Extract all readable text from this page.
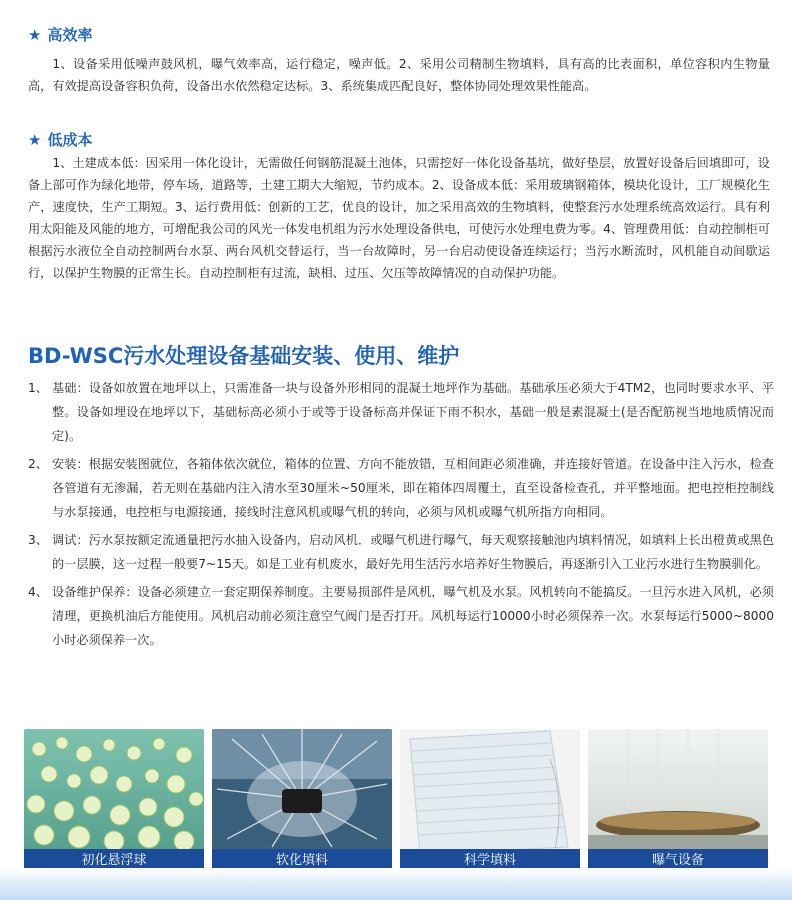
★ 高效率
1、设备采用低噪声鼓风机，曝气效率高，运行稳定，噪声低。2、采用公司精制生物填料，具有高的比表面积，单位容积内生物量高，有效提高设备容积负荷，设备出水依然稳定达标。3、系统集成匹配良好，整体协同处理效果性能高。
★ 低成本
1、土建成本低：因采用一体化设计，无需做任何钢筋混凝土池体，只需挖好一体化设备基坑，做好垫层，放置好设备后回填即可，设备上部可作为绿化地带，停车场，道路等，土建工期大大缩短，节约成本。2、设备成本低：采用玻璃钢箱体，模块化设计，工厂规模化生产，速度快，生产工期短。3、运行费用低：创新的工艺，优良的设计，加之采用高效的生物填料，使整套污水处理系统高效运行。具有利用太阳能及风能的地方，可增配我公司的风光一体发电机组为污水处理设备供电，可使污水处理电费为零。4、管理费用低：自动控制柜可根据污水液位全自动控制两台水泵、两台风机交替运行，当一台故障时，另一台启动使设备连续运行；当污水断流时，风机能自动间歇运行，以保护生物膜的正常生长。自动控制柜有过流，缺相、过压、欠压等故障情况的自动保护功能。
BD-WSC污水处理设备基础安装、使用、维护
1、 基础：设备如放置在地坪以上，只需准备一块与设备外形相同的混凝土地坪作为基础。基础承压必须大于4TM2，也同时要求水平、平整。设备如埋设在地坪以下，基础标高必须小于或等于设备标高并保证下雨不积水，基础一般是素混凝土(是否配筋视当地地质情况而定)。
2、 安装：根据安装图就位，各箱体依次就位，箱体的位置、方向不能放错，互相间距必须准确，并连接好管道。在设备中注入污水，检查各管道有无渗漏，若无则在基础内注入清水至30厘米~50厘米，即在箱体四周覆土，直至设备检查孔，并平整地面。把电控柜控制线与水泵接通，电控柜与电源接通，接线时注意风机或曝气机的转向，必须与风机或曝气机所指方向相同。
3、 调试：污水泵按额定流通量把污水抽入设备内，启动风机．或曝气机进行曝气，每天观察接触池内填料情况，如填料上长出橙黄或黑色的一层膜，这一过程一般要7~15天。如是工业有机废水，最好先用生活污水培养好生物膜后，再逐渐引入工业污水进行生物膜驯化。
4、 设备维护保养：设备必须建立一套定期保养制度。主要易损部件是风机，曝气机及水泵。风机转向不能搞反。一旦污水进入风机，必须清理，更换机油后方能使用。风机启动前必须注意空气阀门是否打开。风机每运行10000小时必须保养一次。水泵每运行5000~8000小时必须保养一次。
初化悬浮球	软化填料	科学填料	曝气设备
